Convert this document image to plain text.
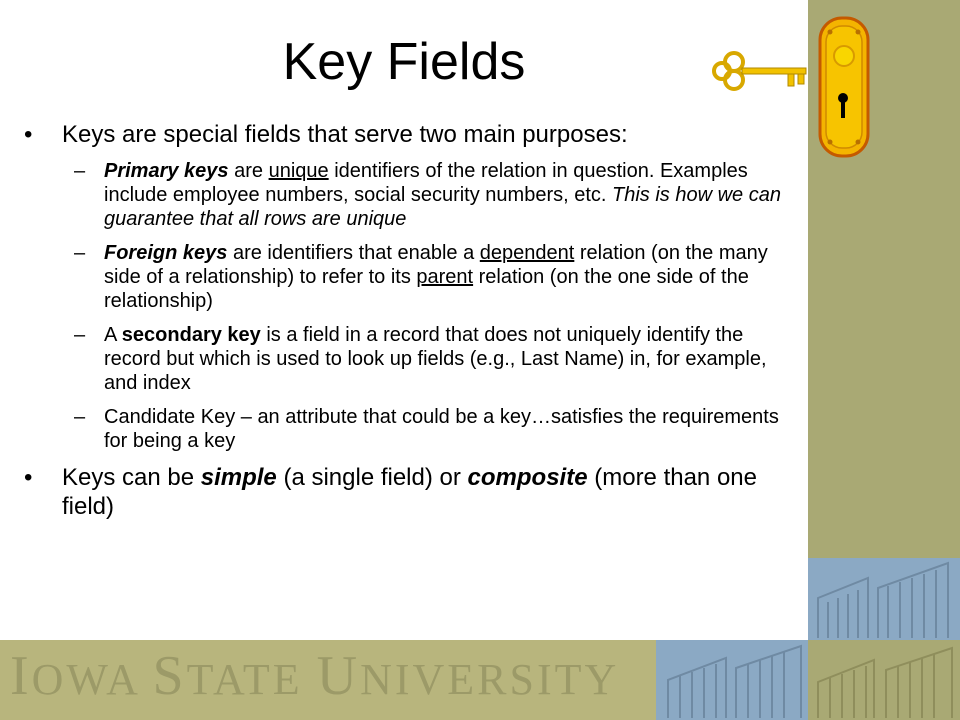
IOWA STATE UNIVERSITY
Key Fields
• Keys are special fields that serve two main purposes:
– Primary keys are unique identifiers of the relation in question. Examples include employee numbers, social security numbers, etc. This is how we can guarantee that all rows are unique
– Foreign keys are identifiers that enable a dependent relation (on the many side of a relationship) to refer to its parent relation (on the one side of the relationship)
– A secondary key is a field in a record that does not uniquely identify the record but which is used to look up fields (e.g., Last Name) in, for example, and index
– Candidate Key – an attribute that could be a key…satisfies the requirements for being a key
• Keys can be simple (a single field) or composite (more than one field)
